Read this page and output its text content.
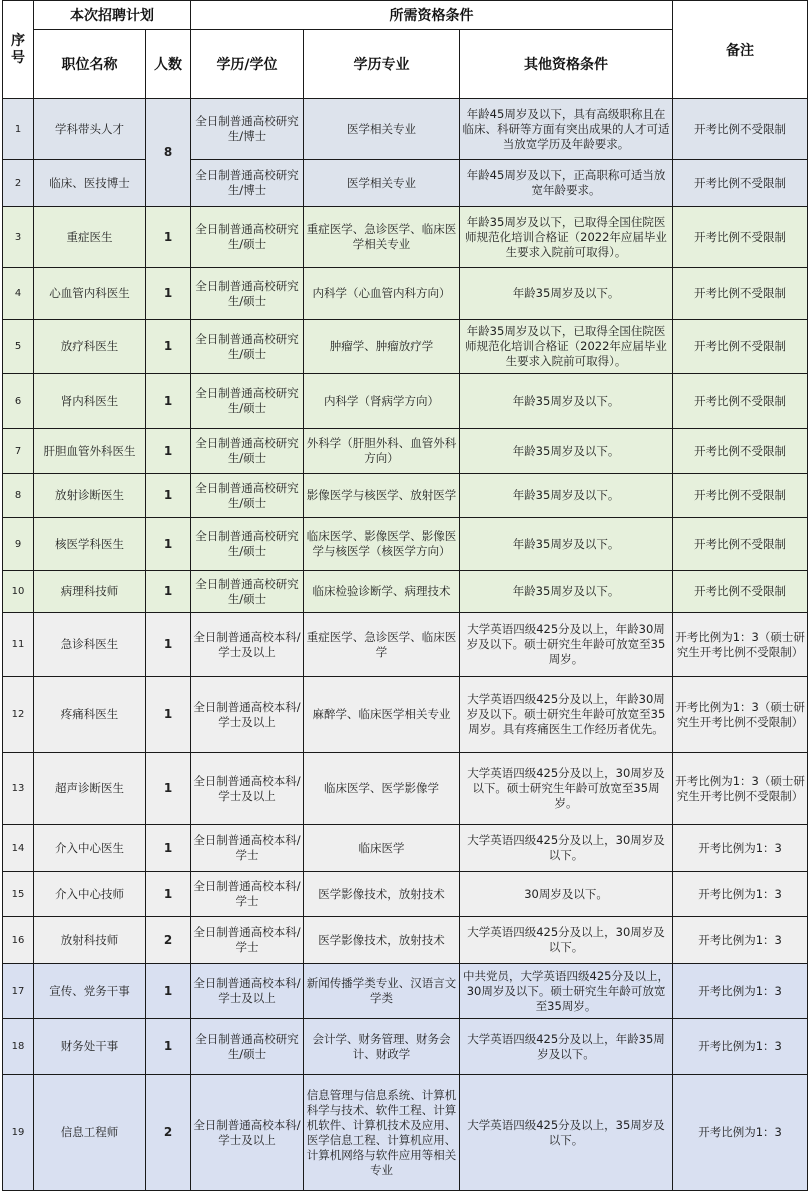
序号	本次招聘计划		所需资格条件			备注
	职位名称	人数	学历/学位	学历专业	其他资格条件	
1	学科带头人才	8	全日制普通高校研究生/博士	医学相关专业	年龄45周岁及以下，具有高级职称且在临床、科研等方面有突出成果的人才可适当放宽学历及年龄要求。	开考比例不受限制
2	临床、医技博士		全日制普通高校研究生/博士	医学相关专业	年龄45周岁及以下，正高职称可适当放宽年龄要求。	开考比例不受限制
3	重症医生	1	全日制普通高校研究生/硕士	重症医学、急诊医学、临床医学相关专业	年龄35周岁及以下，已取得全国住院医师规范化培训合格证（2022年应届毕业生要求入院前可取得）。	开考比例不受限制
4	心血管内科医生	1	全日制普通高校研究生/硕士	内科学（心血管内科方向）	年龄35周岁及以下。	开考比例不受限制
5	放疗科医生	1	全日制普通高校研究生/硕士	肿瘤学、肿瘤放疗学	年龄35周岁及以下，已取得全国住院医师规范化培训合格证（2022年应届毕业生要求入院前可取得）。	开考比例不受限制
6	肾内科医生	1	全日制普通高校研究生/硕士	内科学（肾病学方向）	年龄35周岁及以下。	开考比例不受限制
7	肝胆血管外科医生	1	全日制普通高校研究生/硕士	外科学（肝胆外科、血管外科方向）	年龄35周岁及以下。	开考比例不受限制
8	放射诊断医生	1	全日制普通高校研究生/硕士	影像医学与核医学、放射医学	年龄35周岁及以下。	开考比例不受限制
9	核医学科医生	1	全日制普通高校研究生/硕士	临床医学、影像医学、影像医学与核医学（核医学方向）	年龄35周岁及以下。	开考比例不受限制
10	病理科技师	1	全日制普通高校研究生/硕士	临床检验诊断学、病理技术	年龄35周岁及以下。	开考比例不受限制
11	急诊科医生	1	全日制普通高校本科/学士及以上	重症医学、急诊医学、临床医学	大学英语四级425分及以上，年龄30周岁及以下。硕士研究生年龄可放宽至35周岁。	开考比例为1：3（硕士研究生开考比例不受限制）
12	疼痛科医生	1	全日制普通高校本科/学士及以上	麻醉学、临床医学相关专业	大学英语四级425分及以上，年龄30周岁及以下。硕士研究生年龄可放宽至35周岁。具有疼痛医生工作经历者优先。	开考比例为1：3（硕士研究生开考比例不受限制）
13	超声诊断医生	1	全日制普通高校本科/学士及以上	临床医学、医学影像学	大学英语四级425分及以上，30周岁及以下。硕士研究生年龄可放宽至35周岁。	开考比例为1：3（硕士研究生开考比例不受限制）
14	介入中心医生	1	全日制普通高校本科/学士	临床医学	大学英语四级425分及以上，30周岁及以下。	开考比例为1：3
15	介入中心技师	1	全日制普通高校本科/学士	医学影像技术，放射技术	30周岁及以下。	开考比例为1：3
16	放射科技师	2	全日制普通高校本科/学士	医学影像技术，放射技术	大学英语四级425分及以上，30周岁及以下。	开考比例为1：3
17	宣传、党务干事	1	全日制普通高校本科/学士及以上	新闻传播学类专业、汉语言文学类	中共党员，大学英语四级425分及以上，30周岁及以下。硕士研究生年龄可放宽至35周岁。	开考比例为1：3
18	财务处干事	1	全日制普通高校研究生/硕士	会计学、财务管理、财务会计、财政学	大学英语四级425分及以上，年龄35周岁及以下。	开考比例为1：3
19	信息工程师	2	全日制普通高校本科/学士及以上	信息管理与信息系统、计算机科学与技术、软件工程、计算机软件、计算机技术及应用、医学信息工程、计算机应用、计算机网络与软件应用等相关专业	大学英语四级425分及以上，35周岁及以下。	开考比例为1：3
